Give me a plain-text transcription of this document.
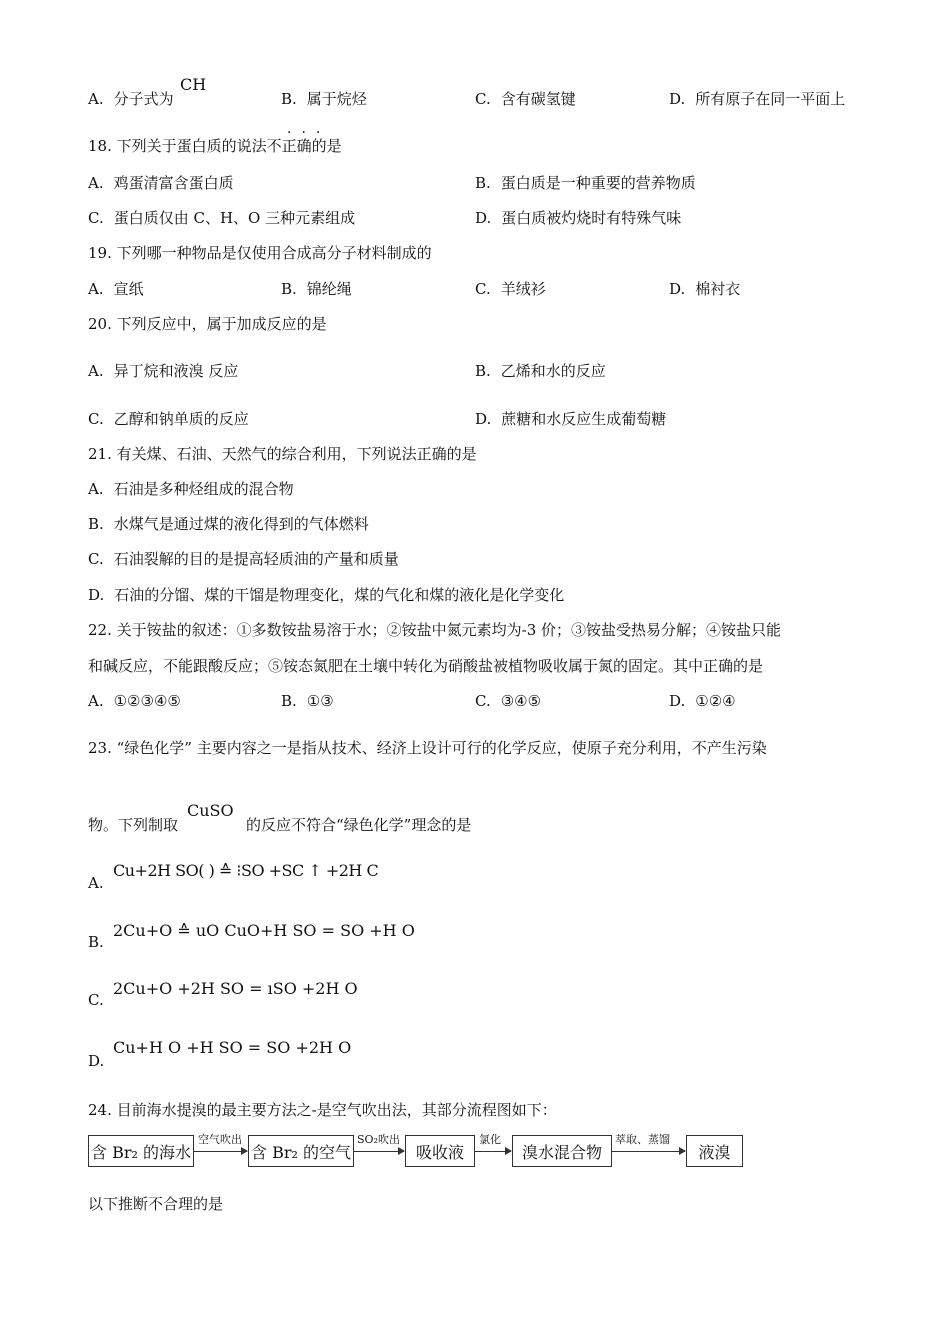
A. 分子式为
CH
B. 属于烷烃	C. 含有碳氢键	D. 所有原子在同一平面上
···
18. 下列关于蛋白质的说法不正确的是
A. 鸡蛋清富含蛋白质	B. 蛋白质是一种重要的营养物质
C. 蛋白质仅由 C、H、O 三种元素组成	D. 蛋白质被灼烧时有特殊气味
19. 下列哪一种物品是仅使用合成高分子材料制成的
A. 宣纸	B. 锦纶绳	C. 羊绒衫	D. 棉衬衣
20. 下列反应中，属于加成反应的是
A. 异丁烷和液溴 反应	B. 乙烯和水的反应
C. 乙醇和钠单质的反应	D. 蔗糖和水反应生成葡萄糖
21. 有关煤、石油、天然气的综合利用，下列说法正确的是
A. 石油是多种烃组成的混合物
B. 水煤气是通过煤的液化得到的气体燃料
C. 石油裂解的目的是提高轻质油的产量和质量
D. 石油的分馏、煤的干馏是物理变化，煤的气化和煤的液化是化学变化
22. 关于铵盐的叙述：①多数铵盐易溶于水；②铵盐中氮元素均为-3 价；③铵盐受热易分解；④铵盐只能
和碱反应，不能跟酸反应；⑤铵态氮肥在土壤中转化为硝酸盐被植物吸收属于氮的固定。其中正确的是
A. ①②③④⑤	B. ①③	C. ③④⑤	D. ①②④
23. “绿色化学” 主要内容之一是指从技术、经济上设计可行的化学反应，使原子充分利用，不产生污染
物。下列制取
CuSO
的反应不符合“绿色化学”理念的是
A.
Cu+2H SO( ) ≙ ⁝SO +SC ↑ +2H C
B.
2Cu+O ≙ uO CuO+H SO = SO +H O
C.
2Cu+O +2H SO = ıSO +2H O
D.
Cu+H O +H SO = SO +2H O
24. 目前海水提溴的最主要方法之-是空气吹出法，其部分流程图如下：
含 Br₂ 的海水
空气吹出
含 Br₂ 的空气
SO₂吹出
吸收液
氯化
溴水混合物
萃取、蒸馏
液溴
以下推断不合理的是
